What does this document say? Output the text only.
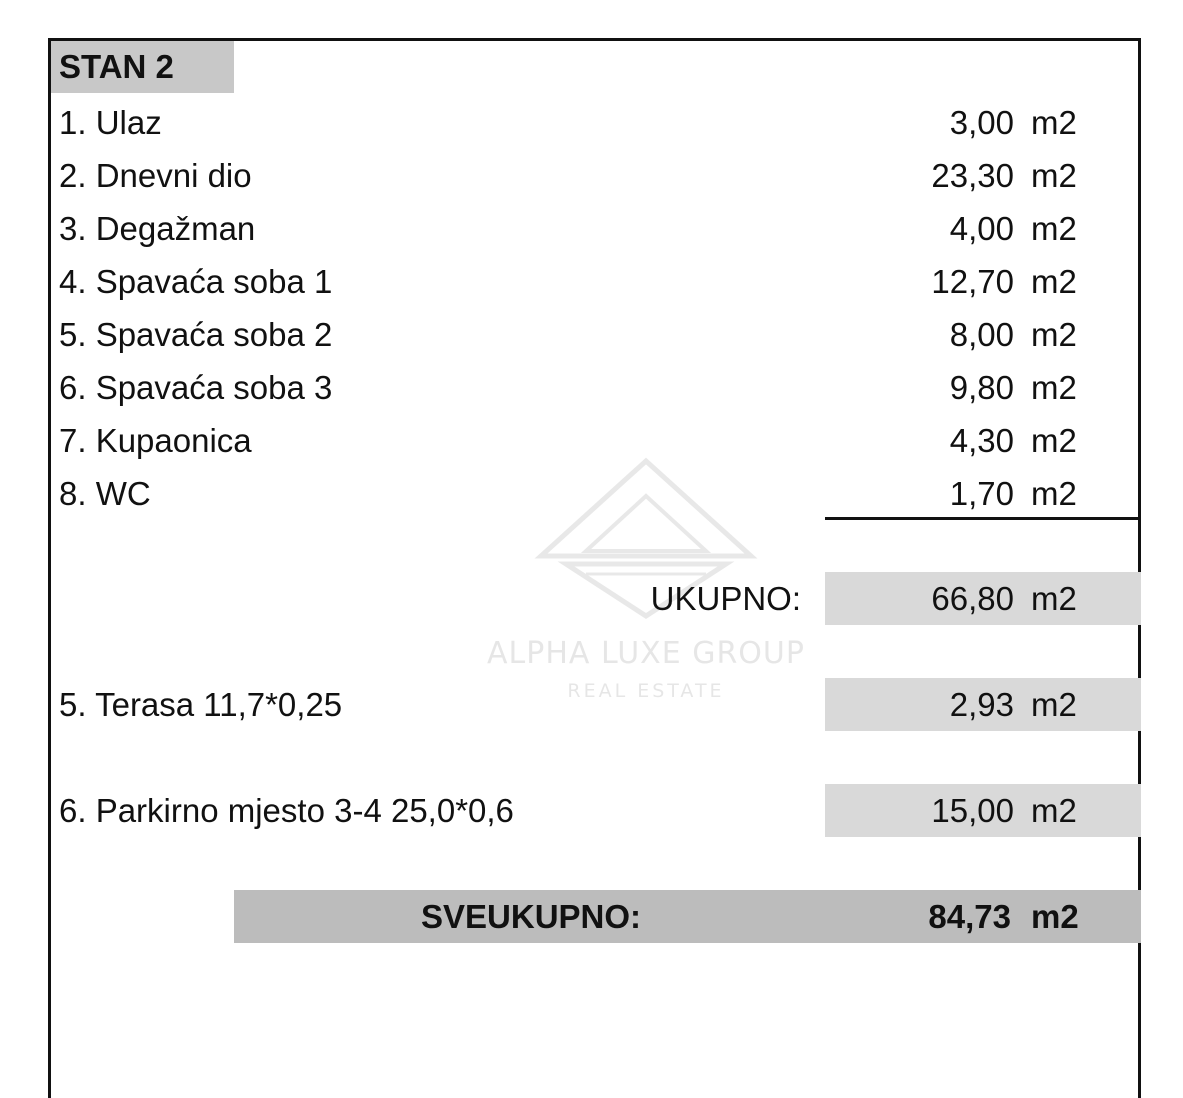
STAN 2
1. Ulaz	3,00 m2
2. Dnevni dio	23,30 m2
3. Degažman	4,00 m2
4. Spavaća soba 1	12,70 m2
5. Spavaća soba 2	8,00 m2
6. Spavaća soba 3	9,80 m2
7. Kupaonica	4,30 m2
8. WC	1,70 m2
ALPHA LUXE GROUP
REAL ESTATE
UKUPNO:	66,80 m2
5. Terasa 11,7*0,25	2,93 m2
6. Parkirno mjesto 3-4 25,0*0,6	15,00 m2
SVEUKUPNO:	84,73 m2
